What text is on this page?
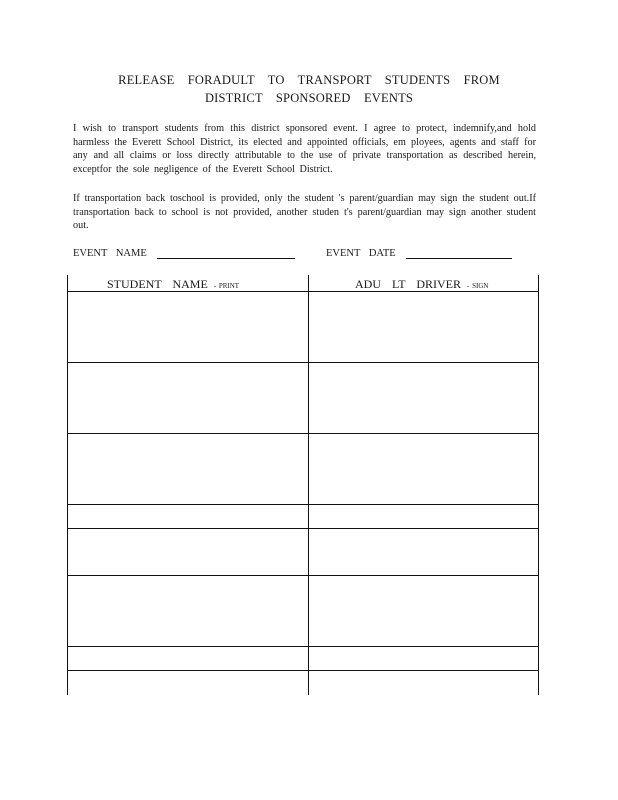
RELEASE FORADULT TO TRANSPORT STUDENTS FROM
DISTRICT SPONSORED EVENTS
I wish to transport students from this district sponsored event. I agree to protect, indemnify,and hold harmless the Everett School District, its elected and appointed officials, em ployees, agents and staff for any and all claims or loss directly attributable to the use of private transportation as described herein, exceptfor the sole negligence of the Everett School District.
If transportation back toschool is provided, only the student 's parent/guardian may sign the student out.If transportation back to school is not provided, another studen t's parent/guardian may sign another student out.
EVENT NAME	EVENT DATE
STUDENT NAME - PRINT	ADU LT DRIVER - SIGN
